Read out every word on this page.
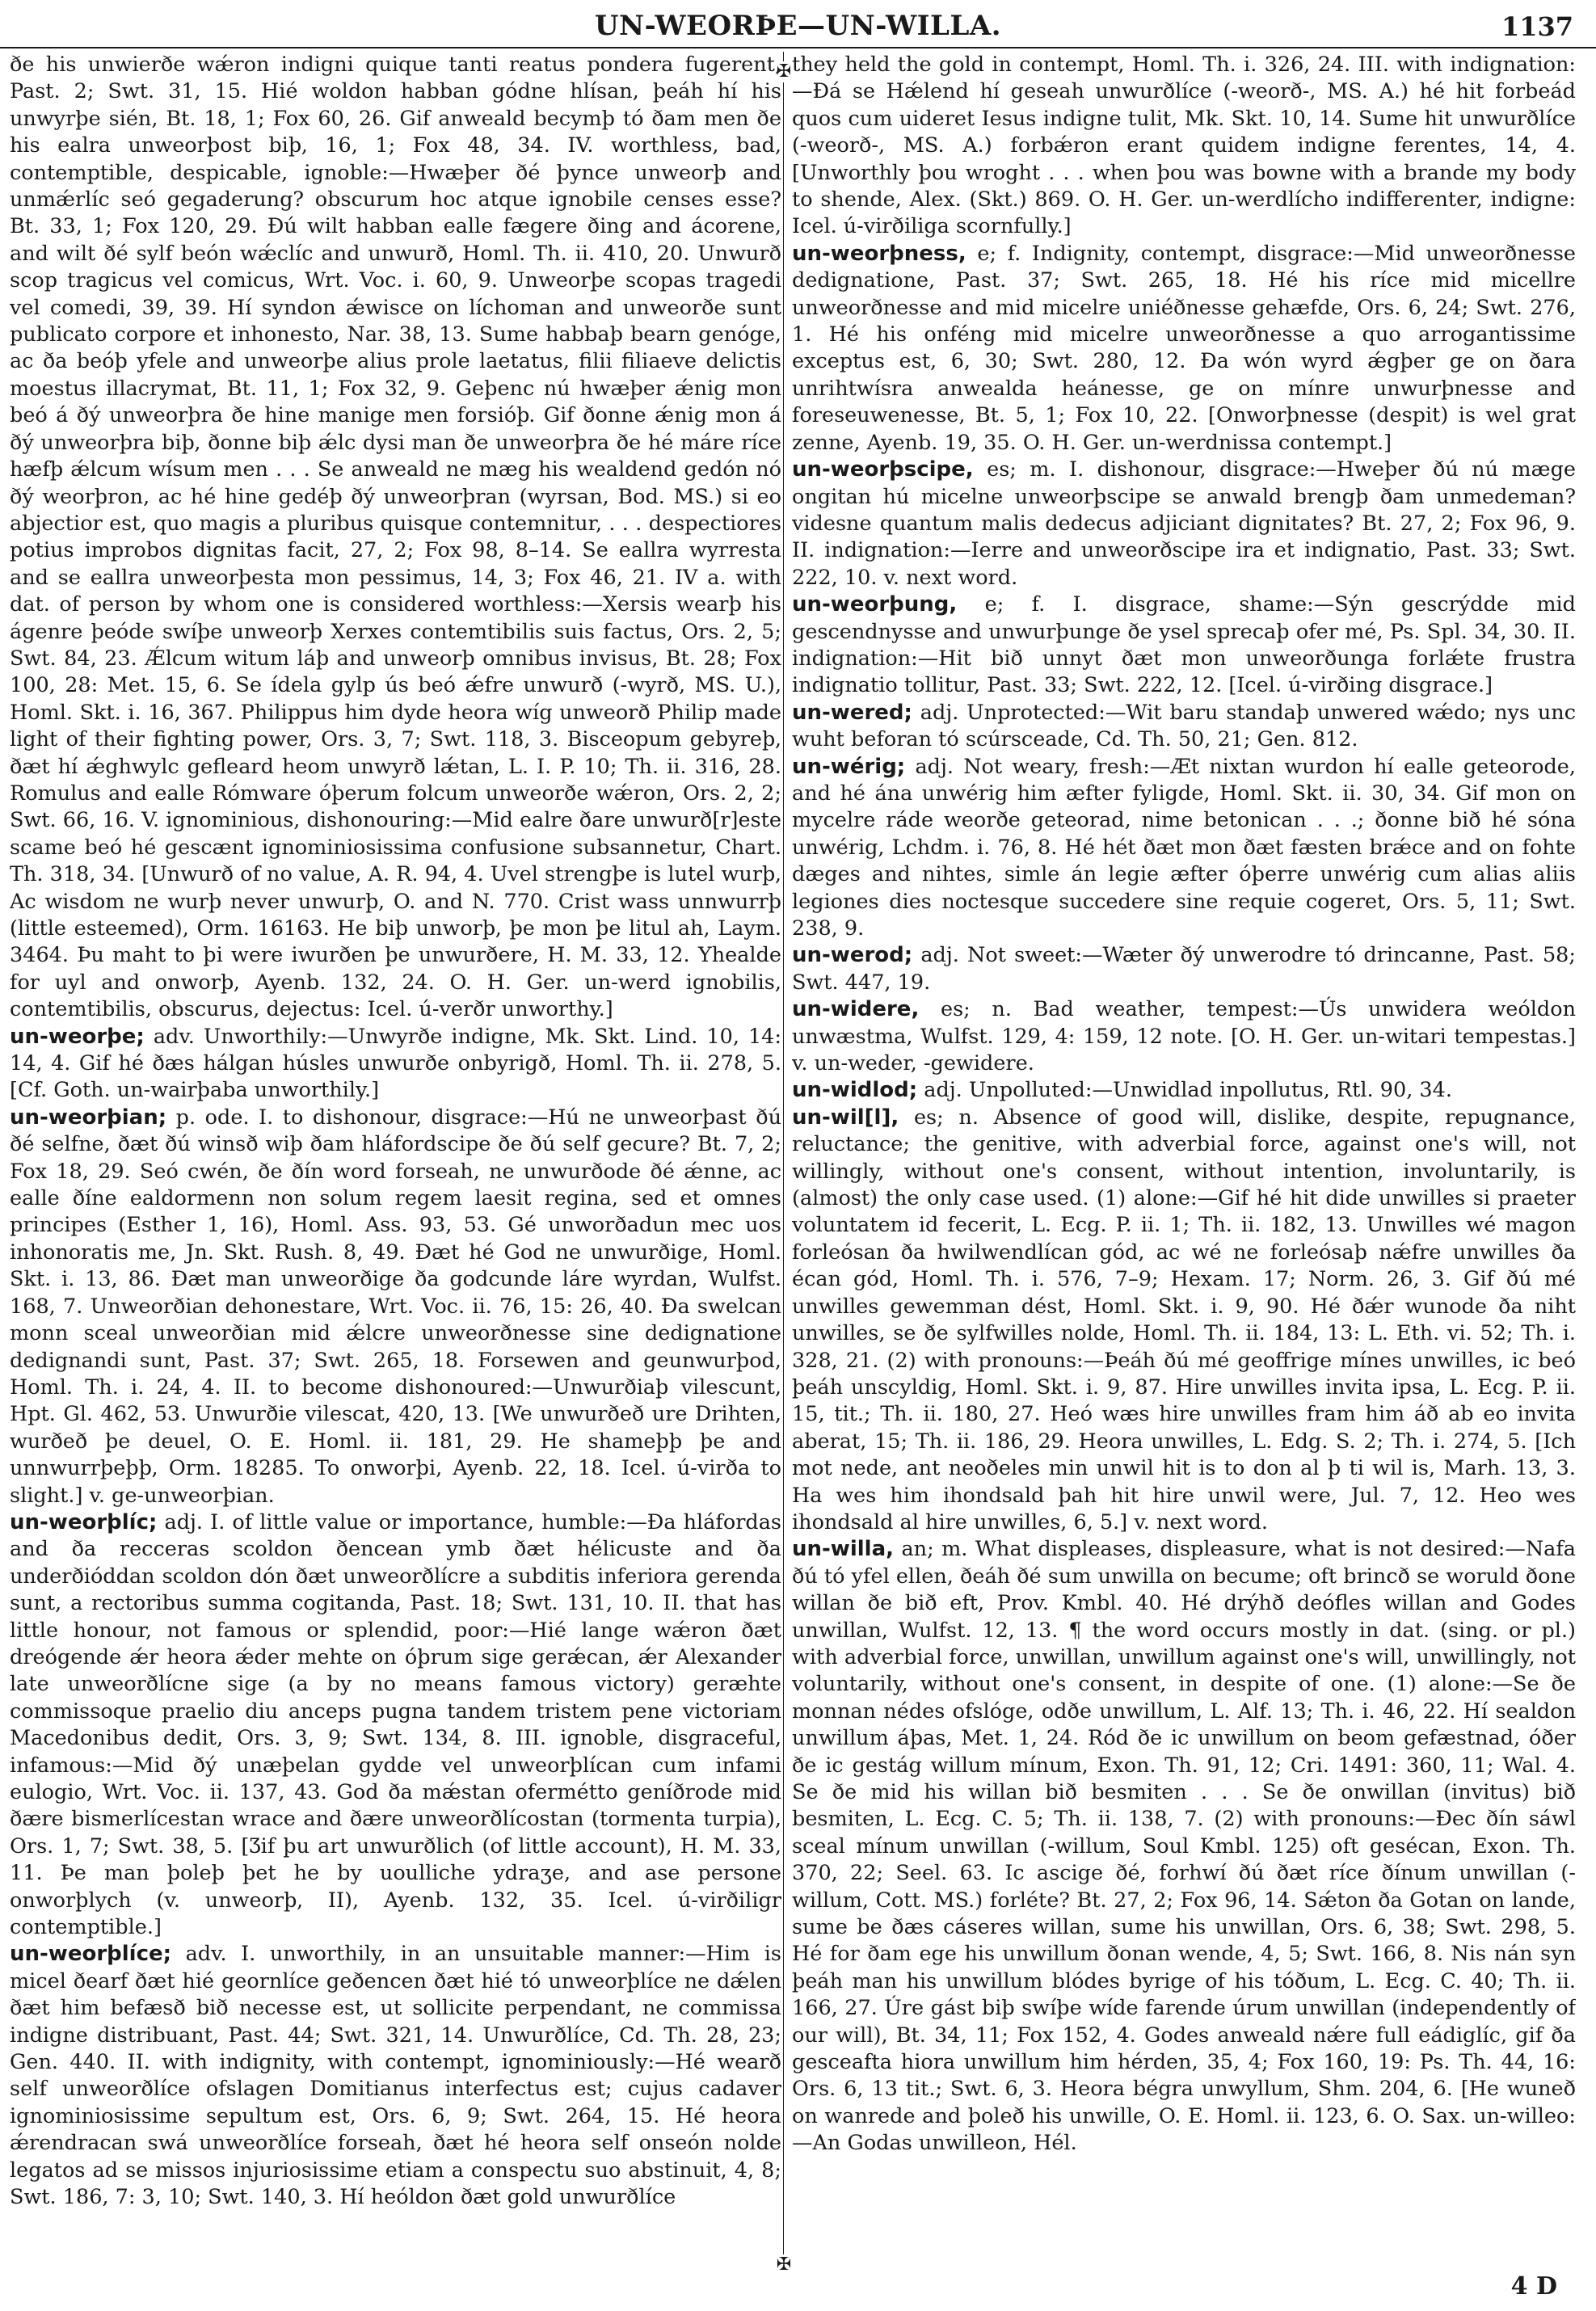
UN-WEORÞE—UN-WILLA.	1137
✠
✠

ðe his unwierðe wǽron indigni quique tanti reatus pondera fugerent, Past. 2; Swt. 31, 15. Hié woldon habban gódne hlísan, þeáh hí his unwyrþe sién, Bt. 18, 1; Fox 60, 26. Gif anweald becymþ tó ðam men ðe his ealra unweorþost biþ, 16, 1; Fox 48, 34. IV. worthless, bad, contemptible, despicable, ignoble:—Hwæþer ðé þynce unweorþ and unmǽrlíc seó gegaderung? obscurum hoc atque ignobile censes esse? Bt. 33, 1; Fox 120, 29. Ðú wilt habban ealle fægere ðing and ácorene, and wilt ðé sylf beón wǽclíc and unwurð, Homl. Th. ii. 410, 20. Unwurð scop tragicus vel comicus, Wrt. Voc. i. 60, 9. Unweorþe scopas tragedi vel comedi, 39, 39. Hí syndon ǽwisce on líchoman and unweorðe sunt publicato corpore et inhonesto, Nar. 38, 13. Sume habbaþ bearn genóge, ac ða beóþ yfele and unweorþe alius prole laetatus, filii filiaeve delictis moestus illacrymat, Bt. 11, 1; Fox 32, 9. Geþenc nú hwæþer ǽnig mon beó á ðý unweorþra ðe hine manige men forsióþ. Gif ðonne ǽnig mon á ðý unweorþra biþ, ðonne biþ ǽlc dysi man ðe unweorþra ðe hé máre ríce hæfþ ǽlcum wísum men . . . Se anweald ne mæg his wealdend gedón nó ðý weorþron, ac hé hine gedéþ ðý unweorþran (wyrsan, Bod. MS.) si eo abjectior est, quo magis a pluribus quisque contemnitur, . . . despectiores potius improbos dignitas facit, 27, 2; Fox 98, 8–14. Se eallra wyrresta and se eallra unweorþesta mon pessimus, 14, 3; Fox 46, 21. IV a. with dat. of person by whom one is considered worthless:—Xersis wearþ his ágenre þeóde swíþe unweorþ Xerxes contemtibilis suis factus, Ors. 2, 5; Swt. 84, 23. Ǽlcum witum láþ and unweorþ omnibus invisus, Bt. 28; Fox 100, 28: Met. 15, 6. Se ídela gylp ús beó ǽfre unwurð (-wyrð, MS. U.), Homl. Skt. i. 16, 367. Philippus him dyde heora wíg unweorð Philip made light of their fighting power, Ors. 3, 7; Swt. 118, 3. Bisceopum gebyreþ, ðæt hí ǽghwylc gefleard heom unwyrð lǽtan, L. I. P. 10; Th. ii. 316, 28. Romulus and ealle Rómware óþerum folcum unweorðe wǽron, Ors. 2, 2; Swt. 66, 16. V. ignominious, dishonouring:—Mid ealre ðare unwurð[r]este scame beó hé gescænt ignominiosissima confusione subsannetur, Chart. Th. 318, 34. [Unwurð of no value, A. R. 94, 4. Uvel strengþe is lutel wurþ, Ac wisdom ne wurþ never unwurþ, O. and N. 770. Crist wass unnwurrþ (little esteemed), Orm. 16163. He biþ unworþ, þe mon þe litul ah, Laym. 3464. Þu maht to þi were iwurðen þe unwurðere, H. M. 33, 12. Yhealde for uyl and onworþ, Ayenb. 132, 24. O. H. Ger. un-werd ignobilis, contemtibilis, obscurus, dejectus: Icel. ú-verðr unworthy.]

un-weorþe; adv. Unworthily:—Unwyrðe indigne, Mk. Skt. Lind. 10, 14: 14, 4. Gif hé ðæs hálgan húsles unwurðe onbyrigð, Homl. Th. ii. 278, 5. [Cf. Goth. un-wairþaba unworthily.]

un-weorþian; p. ode. I. to dishonour, disgrace:—Hú ne unweorþast ðú ðé selfne, ðæt ðú winsð wiþ ðam hláfordscipe ðe ðú self gecure? Bt. 7, 2; Fox 18, 29. Seó cwén, ðe ðín word forseah, ne unwurðode ðé ǽnne, ac ealle ðíne ealdormenn non solum regem laesit regina, sed et omnes principes (Esther 1, 16), Homl. Ass. 93, 53. Gé unworðadun mec uos inhonoratis me, Jn. Skt. Rush. 8, 49. Ðæt hé God ne unwurðige, Homl. Skt. i. 13, 86. Ðæt man unweorðige ða godcunde láre wyrdan, Wulfst. 168, 7. Unweorðian dehonestare, Wrt. Voc. ii. 76, 15: 26, 40. Ða swelcan monn sceal unweorðian mid ǽlcre unweorðnesse sine dedignatione dedignandi sunt, Past. 37; Swt. 265, 18. Forsewen and geunwurþod, Homl. Th. i. 24, 4. II. to become dishonoured:—Unwurðiaþ vilescunt, Hpt. Gl. 462, 53. Unwurðie vilescat, 420, 13. [We unwurðeð ure Drihten, wurðeð þe deuel, O. E. Homl. ii. 181, 29. He shameþþ þe and unnwurrþeþþ, Orm. 18285. To onworþi, Ayenb. 22, 18. Icel. ú-virða to slight.] v. ge-unweorþian.

un-weorþlíc; adj. I. of little value or importance, humble:—Ða hláfordas and ða recceras scoldon ðencean ymb ðæt hélicuste and ða underðióddan scoldon dón ðæt unweorðlícre a subditis inferiora gerenda sunt, a rectoribus summa cogitanda, Past. 18; Swt. 131, 10. II. that has little honour, not famous or splendid, poor:—Hié lange wǽron ðæt dreógende ǽr heora ǽder mehte on óþrum sige gerǽcan, ǽr Alexander late unweorðlícne sige (a by no means famous victory) geræhte commissoque praelio diu anceps pugna tandem tristem pene victoriam Macedonibus dedit, Ors. 3, 9; Swt. 134, 8. III. ignoble, disgraceful, infamous:—Mid ðý unæþelan gydde vel unweorþlícan cum infami eulogio, Wrt. Voc. ii. 137, 43. God ða mǽstan ofermétto geníðrode mid ðære bismerlícestan wrace and ðære unweorðlícostan (tormenta turpia), Ors. 1, 7; Swt. 38, 5. [Ʒif þu art unwurðlich (of little account), H. M. 33, 11. Þe man þoleþ þet he by uoulliche ydraʒe, and ase persone onworþlych (v. unweorþ, II), Ayenb. 132, 35. Icel. ú-virðiligr contemptible.]

un-weorþlíce; adv. I. unworthily, in an unsuitable manner:—Him is micel ðearf ðæt hié geornlíce geðencen ðæt hié tó unweorþlíce ne dǽlen ðæt him befæsð bið necesse est, ut sollicite perpendant, ne commissa indigne distribuant, Past. 44; Swt. 321, 14. Unwurðlíce, Cd. Th. 28, 23; Gen. 440. II. with indignity, with contempt, ignominiously:—Hé wearð self unweorðlíce ofslagen Domitianus interfectus est; cujus cadaver ignominiosissime sepultum est, Ors. 6, 9; Swt. 264, 15. Hé heora ǽrendracan swá unweorðlíce forseah, ðæt hé heora self onseón nolde legatos ad se missos injuriosissime etiam a conspectu suo abstinuit, 4, 8; Swt. 186, 7: 3, 10; Swt. 140, 3. Hí heóldon ðæt gold unwurðlíce

they held the gold in contempt, Homl. Th. i. 326, 24. III. with indignation:—Ðá se Hǽlend hí geseah unwurðlíce (-weorð-, MS. A.) hé hit forbeád quos cum uideret Iesus indigne tulit, Mk. Skt. 10, 14. Sume hit unwurðlíce (-weorð-, MS. A.) forbǽron erant quidem indigne ferentes, 14, 4. [Unworthly þou wroght . . . when þou was bowne with a brande my body to shende, Alex. (Skt.) 869. O. H. Ger. un-werdlícho indifferenter, indigne: Icel. ú-virðiliga scornfully.]

un-weorþness, e; f. Indignity, contempt, disgrace:—Mid unweorðnesse dedignatione, Past. 37; Swt. 265, 18. Hé his ríce mid micellre unweorðnesse and mid micelre uniéðnesse gehæfde, Ors. 6, 24; Swt. 276, 1. Hé his onféng mid micelre unweorðnesse a quo arrogantissime exceptus est, 6, 30; Swt. 280, 12. Ða wón wyrd ǽgþer ge on ðara unrihtwísra anwealda heánesse, ge on mínre unwurþnesse and foreseuwenesse, Bt. 5, 1; Fox 10, 22. [Onworþnesse (despit) is wel grat zenne, Ayenb. 19, 35. O. H. Ger. un-werdnissa contempt.]

un-weorþscipe, es; m. I. dishonour, disgrace:—Hweþer ðú nú mæge ongitan hú micelne unweorþscipe se anwald brengþ ðam unmedeman? videsne quantum malis dedecus adjiciant dignitates? Bt. 27, 2; Fox 96, 9. II. indignation:—Ierre and unweorðscipe ira et indignatio, Past. 33; Swt. 222, 10. v. next word.

un-weorþung, e; f. I. disgrace, shame:—Sýn gescrýdde mid gescendnysse and unwurþunge ðe ysel sprecaþ ofer mé, Ps. Spl. 34, 30. II. indignation:—Hit bið unnyt ðæt mon unweorðunga forlǽte frustra indignatio tollitur, Past. 33; Swt. 222, 12. [Icel. ú-virðing disgrace.]

un-wered; adj. Unprotected:—Wit baru standaþ unwered wǽdo; nys unc wuht beforan tó scúrsceade, Cd. Th. 50, 21; Gen. 812.

un-wérig; adj. Not weary, fresh:—Æt nixtan wurdon hí ealle geteorode, and hé ána unwérig him æfter fyligde, Homl. Skt. ii. 30, 34. Gif mon on mycelre ráde weorðe geteorad, nime betonican . . .; ðonne bið hé sóna unwérig, Lchdm. i. 76, 8. Hé hét ðæt mon ðæt fæsten brǽce and on fohte dæges and nihtes, simle án legie æfter óþerre unwérig cum alias aliis legiones dies noctesque succedere sine requie cogeret, Ors. 5, 11; Swt. 238, 9.

un-werod; adj. Not sweet:—Wæter ðý unwerodre tó drincanne, Past. 58; Swt. 447, 19.

un-widere, es; n. Bad weather, tempest:—Ús unwidera weóldon unwæstma, Wulfst. 129, 4: 159, 12 note. [O. H. Ger. un-witari tempestas.] v. un-weder, -gewidere.

un-widlod; adj. Unpolluted:—Unwidlad inpollutus, Rtl. 90, 34.

un-wil[l], es; n. Absence of good will, dislike, despite, repugnance, reluctance; the genitive, with adverbial force, against one's will, not willingly, without one's consent, without intention, involuntarily, is (almost) the only case used. (1) alone:—Gif hé hit dide unwilles si praeter voluntatem id fecerit, L. Ecg. P. ii. 1; Th. ii. 182, 13. Unwilles wé magon forleósan ða hwilwendlícan gód, ac wé ne forleósaþ nǽfre unwilles ða écan gód, Homl. Th. i. 576, 7–9; Hexam. 17; Norm. 26, 3. Gif ðú mé unwilles gewemman dést, Homl. Skt. i. 9, 90. Hé ðǽr wunode ða niht unwilles, se ðe sylfwilles nolde, Homl. Th. ii. 184, 13: L. Eth. vi. 52; Th. i. 328, 21. (2) with pronouns:—Þeáh ðú mé geoffrige mínes unwilles, ic beó þeáh unscyldig, Homl. Skt. i. 9, 87. Hire unwilles invita ipsa, L. Ecg. P. ii. 15, tit.; Th. ii. 180, 27. Heó wæs hire unwilles fram him áð ab eo invita aberat, 15; Th. ii. 186, 29. Heora unwilles, L. Edg. S. 2; Th. i. 274, 5. [Ich mot nede, ant neoðeles min unwil hit is to don al þ ti wil is, Marh. 13, 3. Ha wes him ihondsald þah hit hire unwil were, Jul. 7, 12. Heo wes ihondsald al hire unwilles, 6, 5.] v. next word.

un-willa, an; m. What displeases, displeasure, what is not desired:—Nafa ðú tó yfel ellen, ðeáh ðé sum unwilla on becume; oft brincð se woruld ðone willan ðe bið eft, Prov. Kmbl. 40. Hé drýhð deófles willan and Godes unwillan, Wulfst. 12, 13. ¶ the word occurs mostly in dat. (sing. or pl.) with adverbial force, unwillan, unwillum against one's will, unwillingly, not voluntarily, without one's consent, in despite of one. (1) alone:—Se ðe monnan nédes ofslóge, odðe unwillum, L. Alf. 13; Th. i. 46, 22. Hí sealdon unwillum áþas, Met. 1, 24. Ród ðe ic unwillum on beom gefæstnad, óðer ðe ic gestág willum mínum, Exon. Th. 91, 12; Cri. 1491: 360, 11; Wal. 4. Se ðe mid his willan bið besmiten . . . Se ðe onwillan (invitus) bið besmiten, L. Ecg. C. 5; Th. ii. 138, 7. (2) with pronouns:—Ðec ðín sáwl sceal mínum unwillan (-willum, Soul Kmbl. 125) oft gesécan, Exon. Th. 370, 22; Seel. 63. Ic ascige ðé, forhwí ðú ðæt ríce ðínum unwillan (-willum, Cott. MS.) forléte? Bt. 27, 2; Fox 96, 14. Sǽton ða Gotan on lande, sume be ðæs cáseres willan, sume his unwillan, Ors. 6, 38; Swt. 298, 5. Hé for ðam ege his unwillum ðonan wende, 4, 5; Swt. 166, 8. Nis nán syn þeáh man his unwillum blódes byrige of his tóðum, L. Ecg. C. 40; Th. ii. 166, 27. Úre gást biþ swíþe wíde farende úrum unwillan (independently of our will), Bt. 34, 11; Fox 152, 4. Godes anweald nǽre full eádiglíc, gif ða gesceafta hiora unwillum him hérden, 35, 4; Fox 160, 19: Ps. Th. 44, 16: Ors. 6, 13 tit.; Swt. 6, 3. Heora bégra unwyllum, Shm. 204, 6. [He wuneð on wanrede and þoleð his unwille, O. E. Homl. ii. 123, 6. O. Sax. un-willeo:—An Godas unwilleon, Hél.

4 D
